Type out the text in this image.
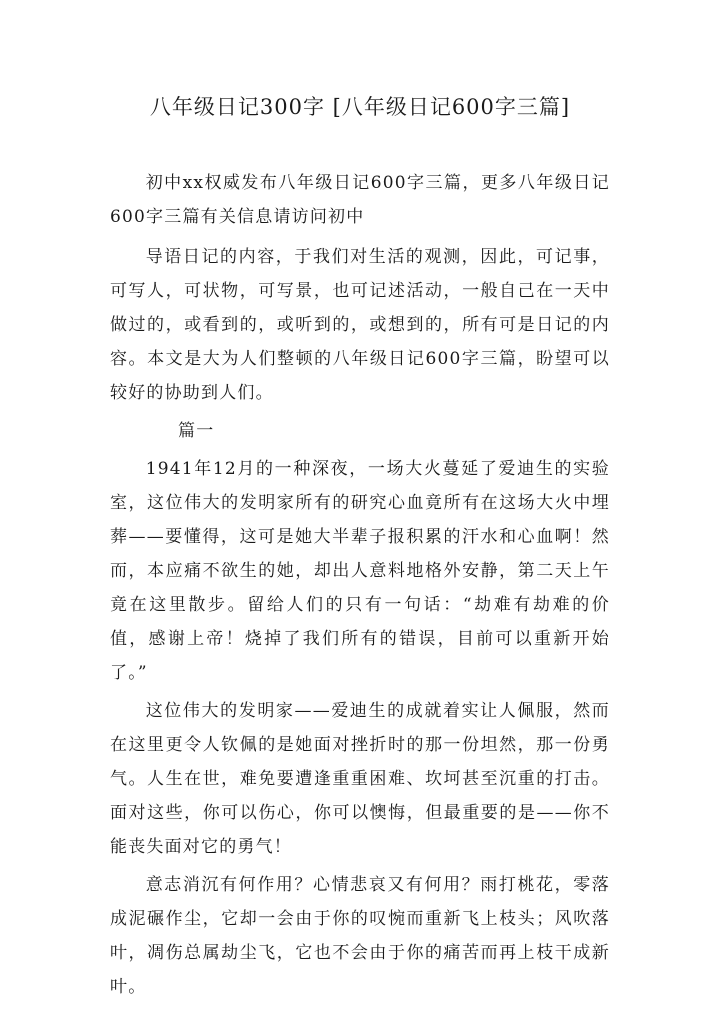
八年级日记300字 [八年级日记600字三篇]

初中xx权威发布八年级日记600字三篇，更多八年级日记600字三篇有关信息请访问初中

导语日记的内容，于我们对生活的观测，因此，可记事，可写人，可状物，可写景，也可记述活动，一般自己在一天中做过的，或看到的，或听到的，或想到的，所有可是日记的内容。本文是大为人们整顿的八年级日记600字三篇，盼望可以较好的协助到人们。

篇一

1941年12月的一种深夜，一场大火蔓延了爱迪生的实验室，这位伟大的发明家所有的研究心血竟所有在这场大火中埋葬——要懂得，这可是她大半辈子报积累的汗水和心血啊！然而，本应痛不欲生的她，却出人意料地格外安静，第二天上午竟在这里散步。留给人们的只有一句话：“劫难有劫难的价值，感谢上帝！烧掉了我们所有的错误，目前可以重新开始了。”

这位伟大的发明家——爱迪生的成就着实让人佩服，然而在这里更令人钦佩的是她面对挫折时的那一份坦然，那一份勇气。人生在世，难免要遭逢重重困难、坎坷甚至沉重的打击。面对这些，你可以伤心，你可以懊悔，但最重要的是——你不能丧失面对它的勇气！

意志消沉有何作用？心情悲哀又有何用？雨打桃花，零落成泥碾作尘，它却一会由于你的叹惋而重新飞上枝头；风吹落叶，凋伤总属劫尘飞，它也不会由于你的痛苦而再上枝干成新叶。
